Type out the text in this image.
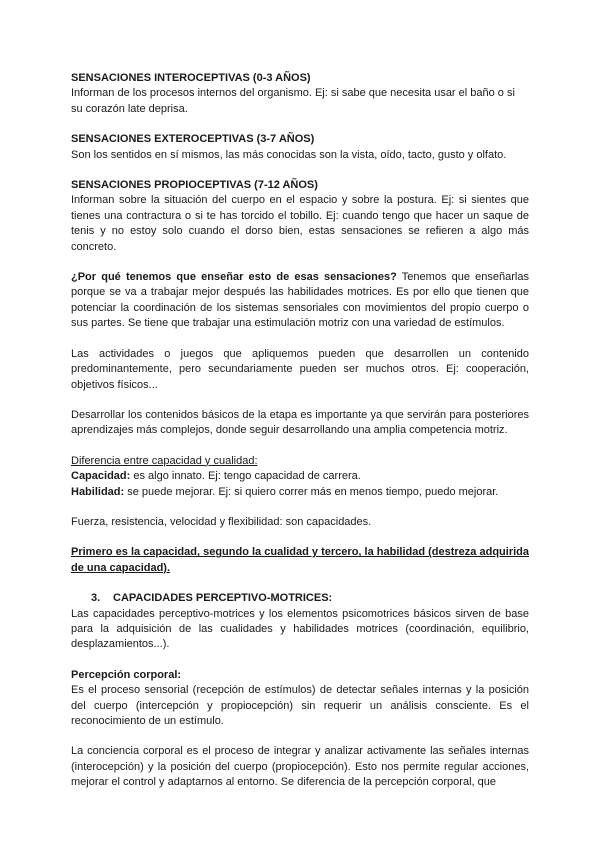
SENSACIONES INTEROCEPTIVAS (0-3 AÑOS)

Informan de los procesos internos del organismo. Ej: si sabe que necesita usar el baño o si su corazón late deprisa.

SENSACIONES EXTEROCEPTIVAS (3-7 AÑOS)

Son los sentidos en sí mismos, las más conocidas son la vista, oído, tacto, gusto y olfato.

SENSACIONES PROPIOCEPTIVAS (7-12 AÑOS)

Informan sobre la situación del cuerpo en el espacio y sobre la postura. Ej: si sientes que tienes una contractura o si te has torcido el tobillo. Ej: cuando tengo que hacer un saque de tenis y no estoy solo cuando el dorso bien, estas sensaciones se refieren a algo más concreto.

¿Por qué tenemos que enseñar esto de esas sensaciones? Tenemos que enseñarlas porque se va a trabajar mejor después las habilidades motrices. Es por ello que tienen que potenciar la coordinación de los sistemas sensoriales con movimientos del propio cuerpo o sus partes. Se tiene que trabajar una estimulación motriz con una variedad de estímulos.

Las actividades o juegos que apliquemos pueden que desarrollen un contenido predominantemente, pero secundariamente pueden ser muchos otros. Ej: cooperación, objetivos físicos...

Desarrollar los contenidos básicos de la etapa es importante ya que servirán para posteriores aprendizajes más complejos, donde seguir desarrollando una amplia competencia motriz.

Diferencia entre capacidad y cualidad:

Capacidad: es algo innato. Ej: tengo capacidad de carrera.

Habilidad: se puede mejorar. Ej: si quiero correr más en menos tiempo, puedo mejorar.

Fuerza, resistencia, velocidad y flexibilidad: son capacidades.

Primero es la capacidad, segundo la cualidad y tercero, la habilidad (destreza adquirida de una capacidad).

3. CAPACIDADES PERCEPTIVO-MOTRICES:

Las capacidades perceptivo-motrices y los elementos psicomotrices básicos sirven de base para la adquisición de las cualidades y habilidades motrices (coordinación, equilibrio, desplazamientos...).

Percepción corporal:

Es el proceso sensorial (recepción de estímulos) de detectar señales internas y la posición del cuerpo (intercepción y propiocepción) sin requerir un análisis consciente. Es el reconocimiento de un estímulo.

La conciencia corporal es el proceso de integrar y analizar activamente las señales internas (interocepción) y la posición del cuerpo (propiocepción). Esto nos permite regular acciones, mejorar el control y adaptarnos al entorno. Se diferencia de la percepción corporal, que
